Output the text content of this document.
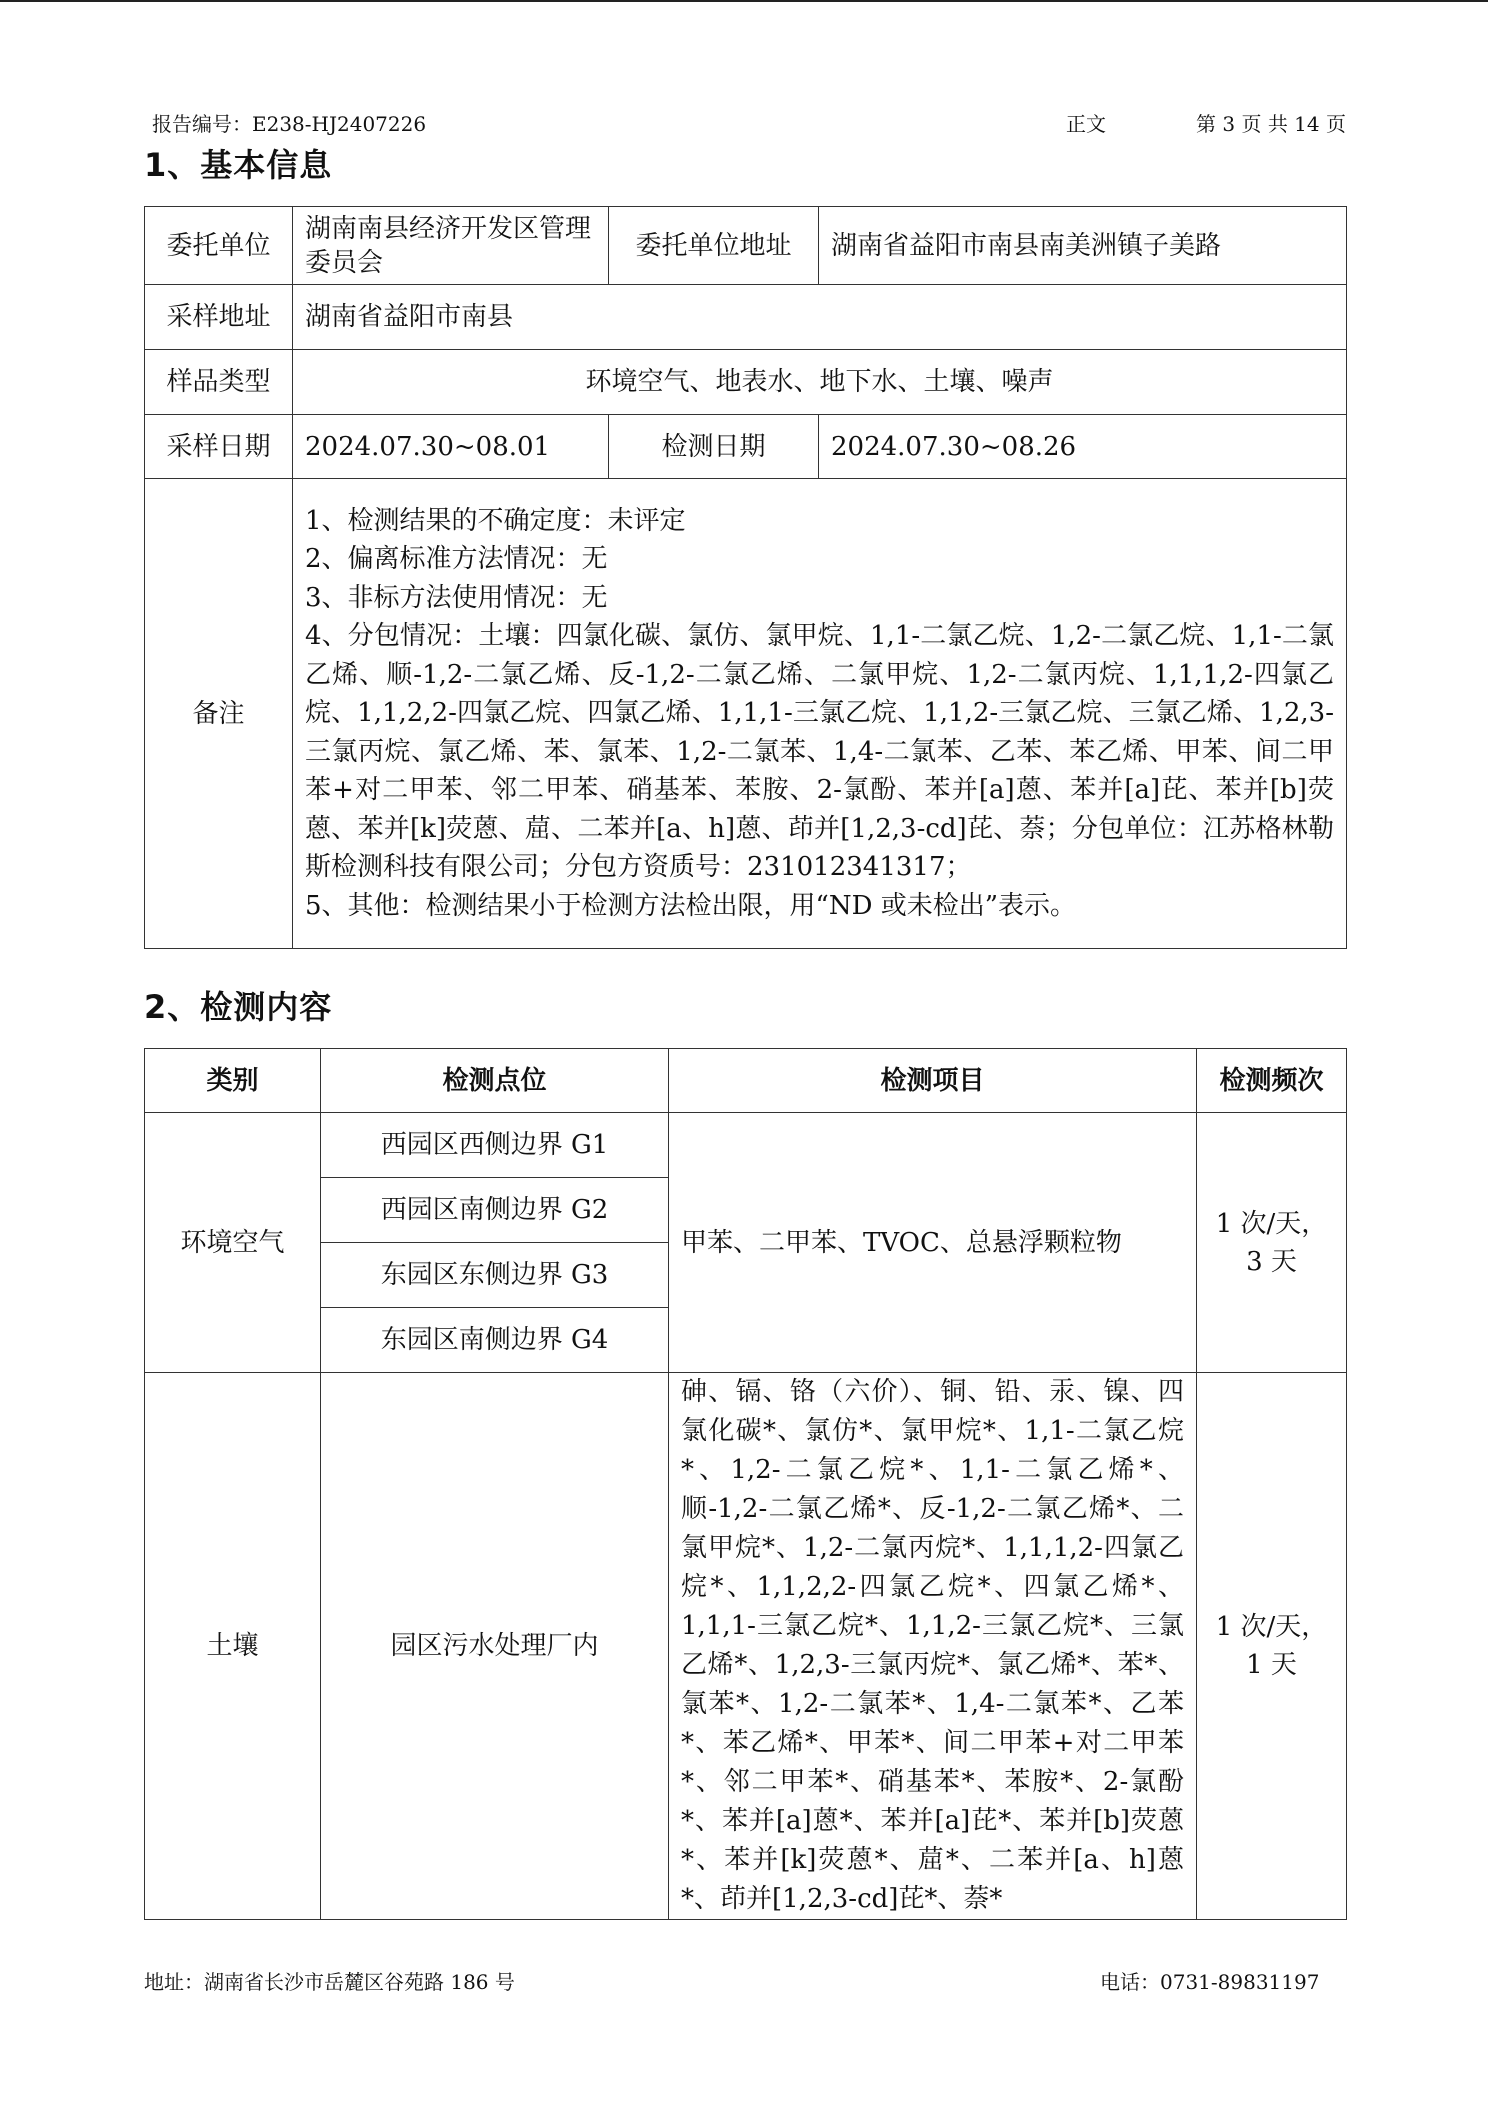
报告编号：E238-HJ2407226	正文	第 3 页 共 14 页
1、基本信息
委托单位	湖南南县经济开发区管理委员会	委托单位地址	湖南省益阳市南县南美洲镇子美路
采样地址	湖南省益阳市南县		
样品类型	环境空气、地表水、地下水、土壤、噪声		
采样日期	2024.07.30~08.01	检测日期	2024.07.30~08.26
备注	1、检测结果的不确定度：未评定
2、偏离标准方法情况：无
3、非标方法使用情况：无
4、分包情况：土壤：四氯化碳、氯仿、氯甲烷、1,1-二氯乙烷、1,2-二氯乙烷、1,1-二氯乙烯、顺-1,2-二氯乙烯、反-1,2-二氯乙烯、二氯甲烷、1,2-二氯丙烷、1,1,1,2-四氯乙烷、1,1,2,2-四氯乙烷、四氯乙烯、1,1,1-三氯乙烷、1,1,2-三氯乙烷、三氯乙烯、1,2,3-三氯丙烷、氯乙烯、苯、氯苯、1,2-二氯苯、1,4-二氯苯、乙苯、苯乙烯、甲苯、间二甲苯+对二甲苯、邻二甲苯、硝基苯、苯胺、2-氯酚、苯并[a]蒽、苯并[a]芘、苯并[b]荧蒽、苯并[k]荧蒽、䓛、二苯并[a、h]蒽、茚并[1,2,3-cd]芘、萘；分包单位：江苏格林勒斯检测科技有限公司；分包方资质号：231012341317；
5、其他：检测结果小于检测方法检出限，用“ND 或未检出”表示。		
2、检测内容
类别	检测点位	检测项目	检测频次
环境空气	西园区西侧边界 G1	甲苯、二甲苯、TVOC、总悬浮颗粒物	1 次/天，3 天
	西园区南侧边界 G2		
	东园区东侧边界 G3		
	东园区南侧边界 G4		
土壤	园区污水处理厂内	砷、镉、铬（六价）、铜、铅、汞、镍、四氯化碳*、氯仿*、氯甲烷*、1,1-二氯乙烷*、1,2-二氯乙烷*、1,1-二氯乙烯*、顺-1,2-二氯乙烯*、反-1,2-二氯乙烯*、二氯甲烷*、1,2-二氯丙烷*、1,1,1,2-四氯乙烷*、1,1,2,2-四氯乙烷*、四氯乙烯*、1,1,1-三氯乙烷*、1,1,2-三氯乙烷*、三氯乙烯*、1,2,3-三氯丙烷*、氯乙烯*、苯*、氯苯*、1,2-二氯苯*、1,4-二氯苯*、乙苯*、苯乙烯*、甲苯*、间二甲苯+对二甲苯*、邻二甲苯*、硝基苯*、苯胺*、2-氯酚*、苯并[a]蒽*、苯并[a]芘*、苯并[b]荧蒽*、苯并[k]荧蒽*、䓛*、二苯并[a、h]蒽*、茚并[1,2,3-cd]芘*、萘*	1 次/天，1 天
地址：湖南省长沙市岳麓区谷苑路 186 号	电话：0731-89831197
